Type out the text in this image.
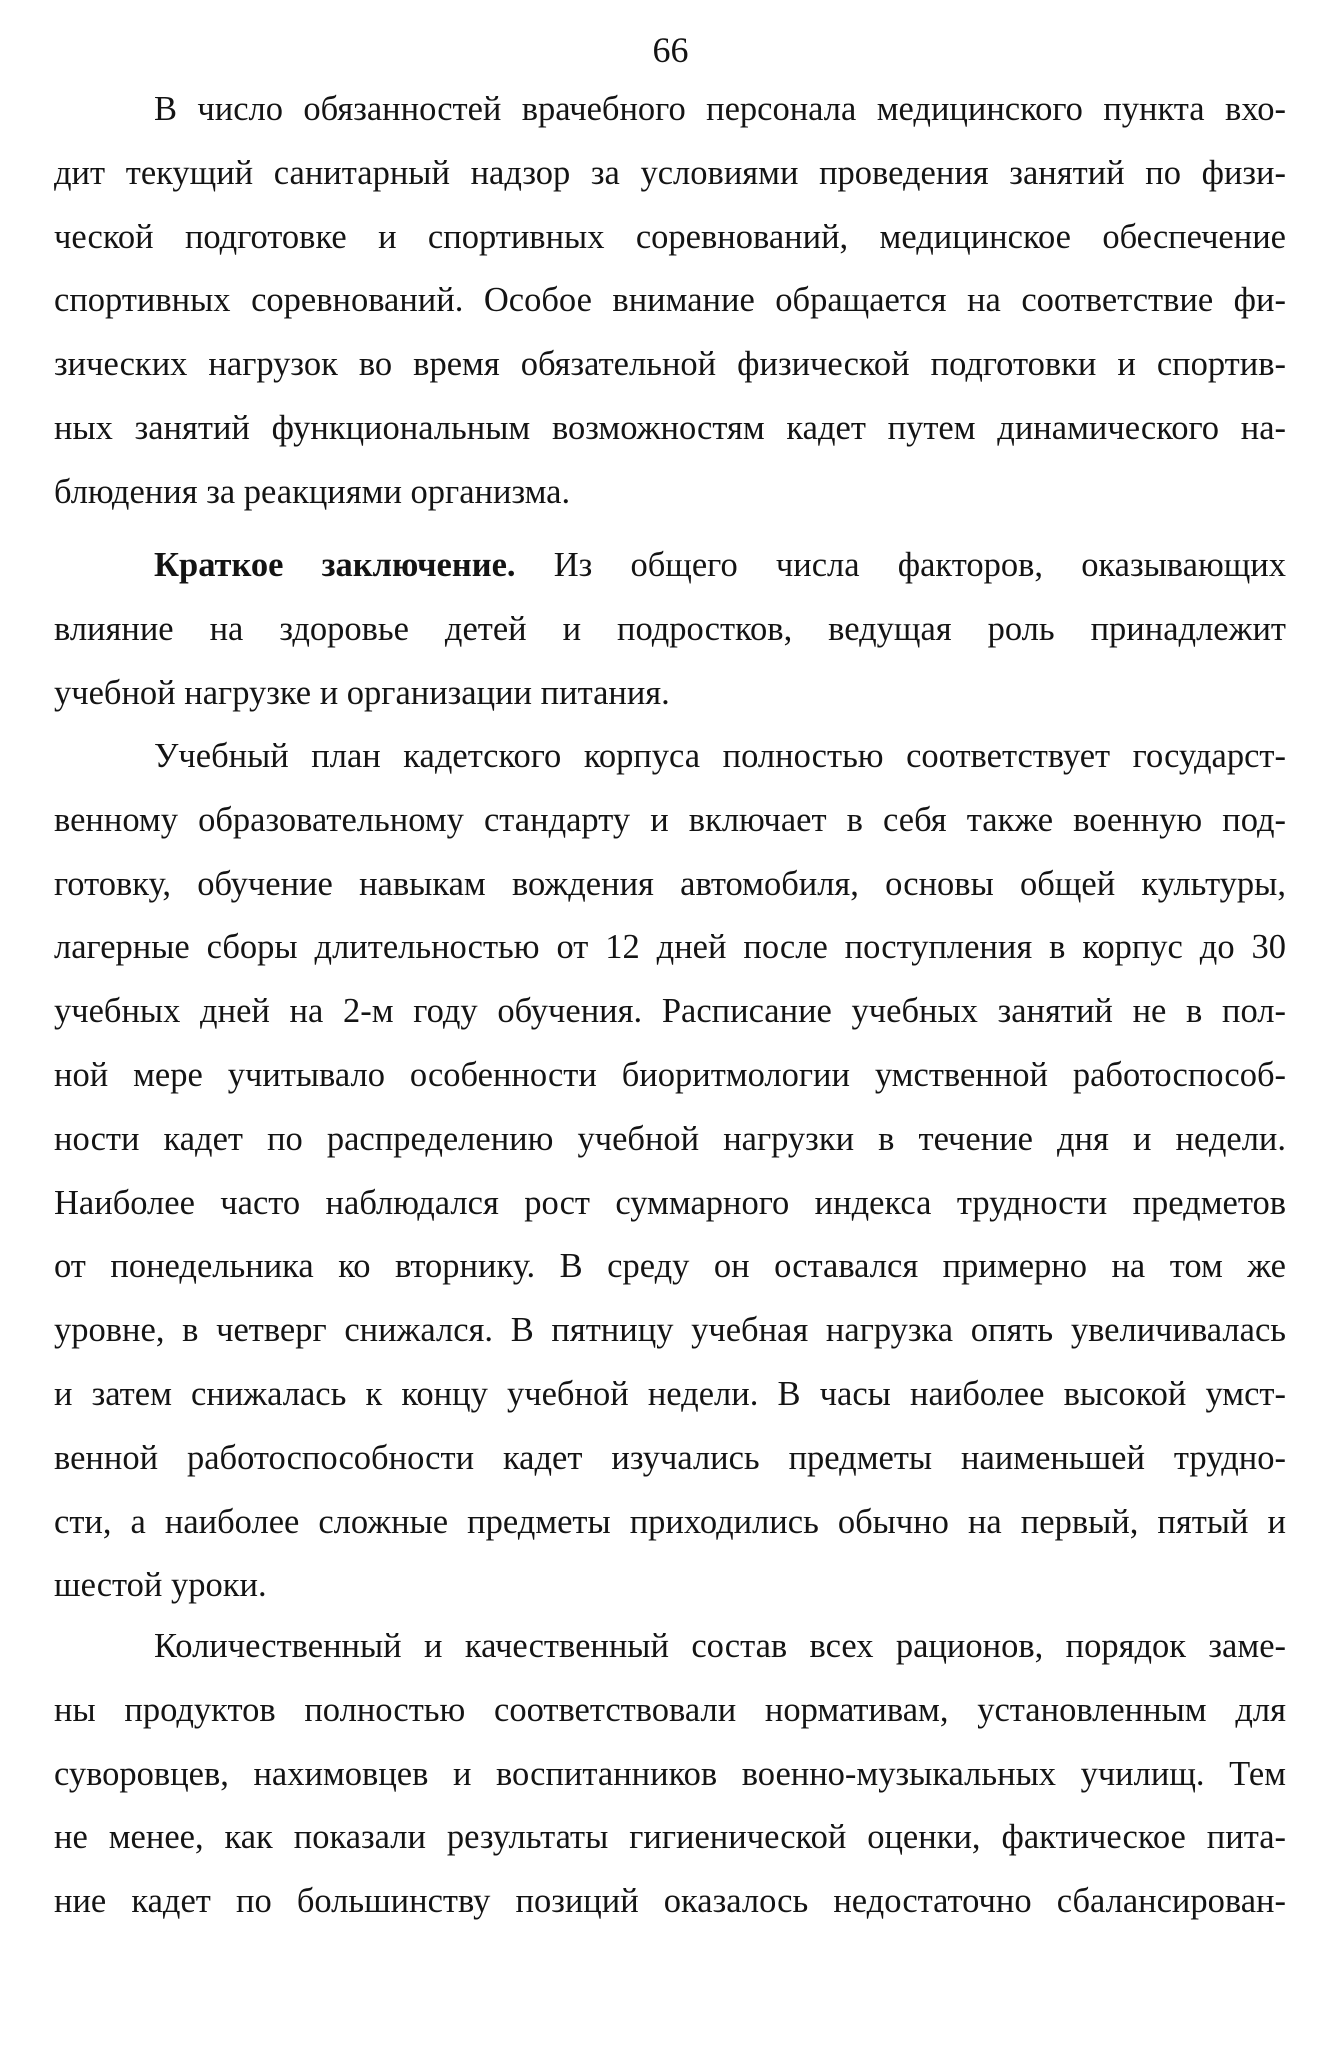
66
В число обязанностей врачебного персонала медицинского пункта вхо-
дит текущий санитарный надзор за условиями проведения занятий по физи-
ческой подготовке и спортивных соревнований, медицинское обеспечение
спортивных соревнований. Особое внимание обращается на соответствие фи-
зических нагрузок во время обязательной физической подготовки и спортив-
ных занятий функциональным возможностям кадет путем динамического на-
блюдения за реакциями организма.
Краткое заключение. Из общего числа факторов, оказывающих
влияние на здоровье детей и подростков, ведущая роль принадлежит
учебной нагрузке и организации питания.
Учебный план кадетского корпуса полностью соответствует государст-
венному образовательному стандарту и включает в себя также военную под-
готовку, обучение навыкам вождения автомобиля, основы общей культуры,
лагерные сборы длительностью от 12 дней после поступления в корпус до 30
учебных дней на 2-м году обучения. Расписание учебных занятий не в пол-
ной мере учитывало особенности биоритмологии умственной работоспособ-
ности кадет по распределению учебной нагрузки в течение дня и недели.
Наиболее часто наблюдался рост суммарного индекса трудности предметов
от понедельника ко вторнику. В среду он оставался примерно на том же
уровне, в четверг снижался. В пятницу учебная нагрузка опять увеличивалась
и затем снижалась к концу учебной недели. В часы наиболее высокой умст-
венной работоспособности кадет изучались предметы наименьшей трудно-
сти, а наиболее сложные предметы приходились обычно на первый, пятый и
шестой уроки.
Количественный и качественный состав всех рационов, порядок заме-
ны продуктов полностью соответствовали нормативам, установленным для
суворовцев, нахимовцев и воспитанников военно-музыкальных училищ. Тем
не менее, как показали результаты гигиенической оценки, фактическое пита-
ние кадет по большинству позиций оказалось недостаточно сбалансирован-
